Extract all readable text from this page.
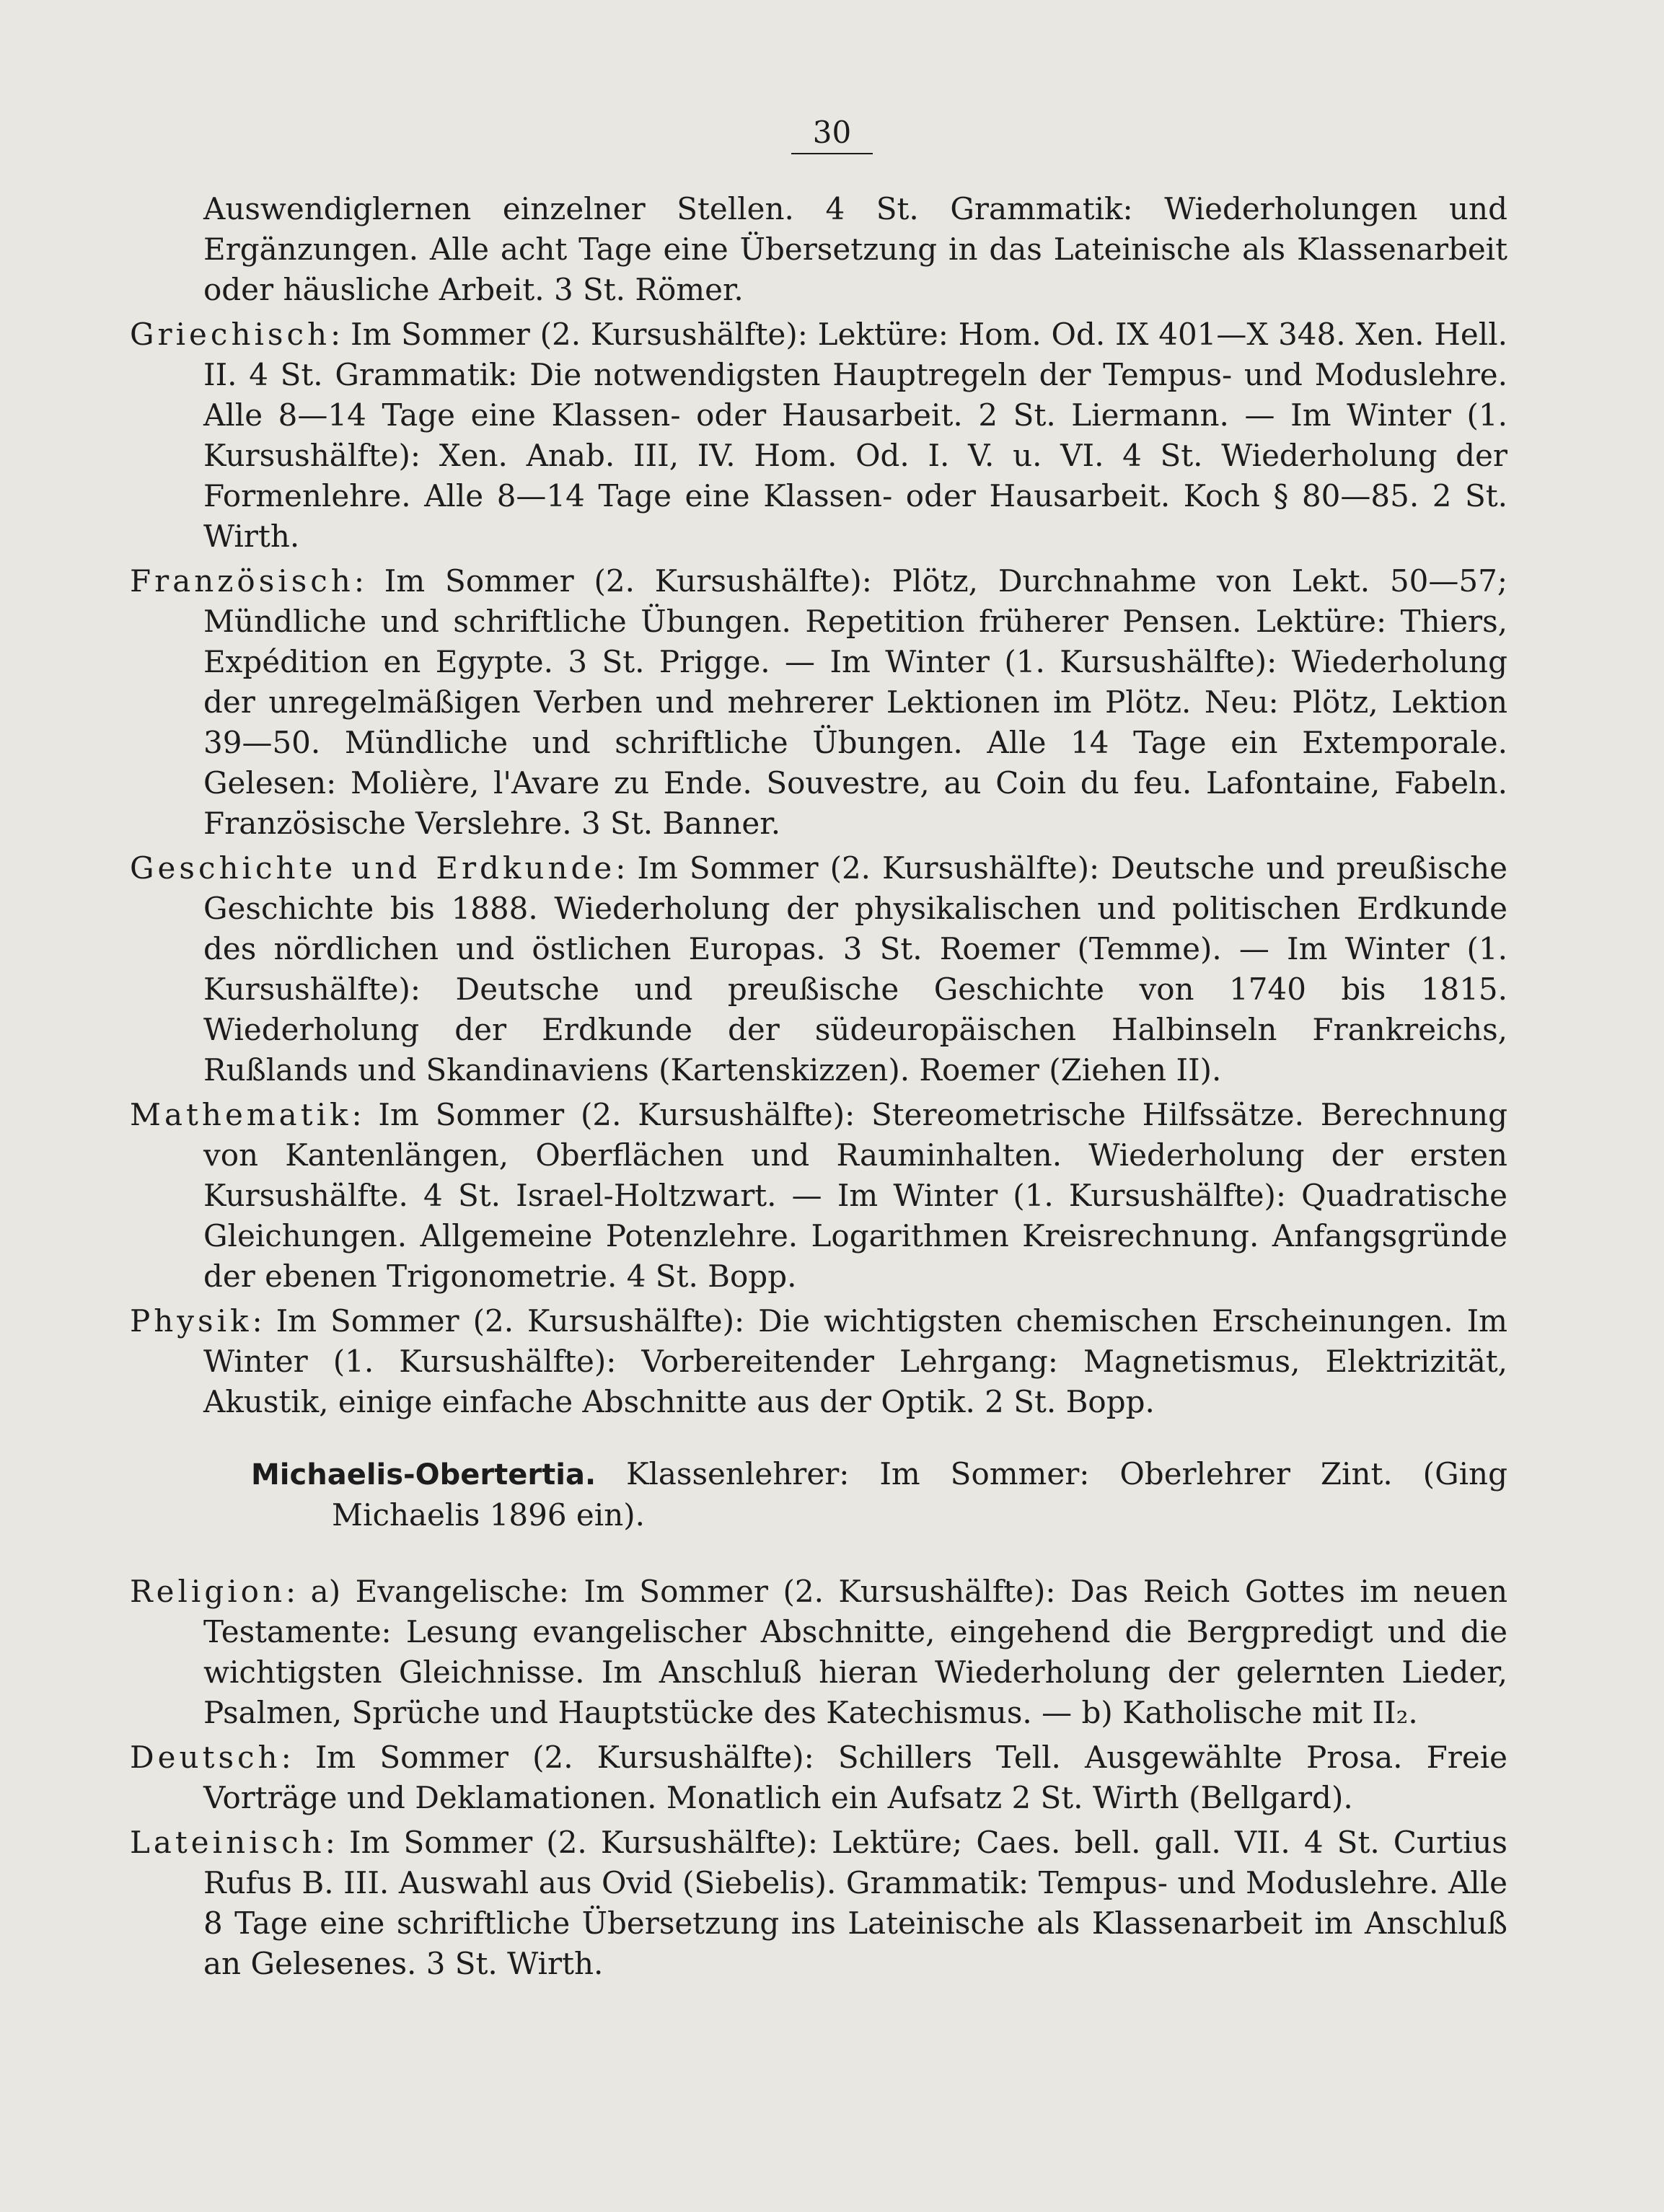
30

Auswendiglernen einzelner Stellen. 4 St. Grammatik: Wiederholungen und Ergänzungen. Alle acht Tage eine Übersetzung in das Lateinische als Klassenarbeit oder häusliche Arbeit. 3 St. Römer.

Griechisch: Im Sommer (2. Kursushälfte): Lektüre: Hom. Od. IX 401—X 348. Xen. Hell. II. 4 St. Grammatik: Die notwendigsten Hauptregeln der Tempus- und Moduslehre. Alle 8—14 Tage eine Klassen- oder Hausarbeit. 2 St. Liermann. — Im Winter (1. Kursushälfte): Xen. Anab. III, IV. Hom. Od. I. V. u. VI. 4 St. Wiederholung der Formenlehre. Alle 8—14 Tage eine Klassen- oder Hausarbeit. Koch § 80—85. 2 St. Wirth.

Französisch: Im Sommer (2. Kursushälfte): Plötz, Durchnahme von Lekt. 50—57; Mündliche und schriftliche Übungen. Repetition früherer Pensen. Lektüre: Thiers, Expédition en Egypte. 3 St. Prigge. — Im Winter (1. Kursushälfte): Wiederholung der unregelmäßigen Verben und mehrerer Lektionen im Plötz. Neu: Plötz, Lektion 39—50. Mündliche und schriftliche Übungen. Alle 14 Tage ein Extemporale. Gelesen: Molière, l'Avare zu Ende. Souvestre, au Coin du feu. Lafontaine, Fabeln. Französische Verslehre. 3 St. Banner.

Geschichte und Erdkunde: Im Sommer (2. Kursushälfte): Deutsche und preußische Geschichte bis 1888. Wiederholung der physikalischen und politischen Erdkunde des nördlichen und östlichen Europas. 3 St. Roemer (Temme). — Im Winter (1. Kursushälfte): Deutsche und preußische Geschichte von 1740 bis 1815. Wiederholung der Erdkunde der südeuropäischen Halbinseln Frankreichs, Rußlands und Skandinaviens (Kartenskizzen). Roemer (Ziehen II).

Mathematik: Im Sommer (2. Kursushälfte): Stereometrische Hilfssätze. Berechnung von Kantenlängen, Oberflächen und Rauminhalten. Wiederholung der ersten Kursushälfte. 4 St. Israel-Holtzwart. — Im Winter (1. Kursushälfte): Quadratische Gleichungen. Allgemeine Potenzlehre. Logarithmen Kreisrechnung. Anfangsgründe der ebenen Trigonometrie. 4 St. Bopp.

Physik: Im Sommer (2. Kursushälfte): Die wichtigsten chemischen Erscheinungen. Im Winter (1. Kursushälfte): Vorbereitender Lehrgang: Magnetismus, Elektrizität, Akustik, einige einfache Abschnitte aus der Optik. 2 St. Bopp.

Michaelis-Obertertia. Klassenlehrer: Im Sommer: Oberlehrer Zint. (Ging Michaelis 1896 ein).

Religion: a) Evangelische: Im Sommer (2. Kursushälfte): Das Reich Gottes im neuen Testamente: Lesung evangelischer Abschnitte, eingehend die Bergpredigt und die wichtigsten Gleichnisse. Im Anschluß hieran Wiederholung der gelernten Lieder, Psalmen, Sprüche und Hauptstücke des Katechismus. — b) Katholische mit II₂.

Deutsch: Im Sommer (2. Kursushälfte): Schillers Tell. Ausgewählte Prosa. Freie Vorträge und Deklamationen. Monatlich ein Aufsatz 2 St. Wirth (Bellgard).

Lateinisch: Im Sommer (2. Kursushälfte): Lektüre; Caes. bell. gall. VII. 4 St. Curtius Rufus B. III. Auswahl aus Ovid (Siebelis). Grammatik: Tempus- und Moduslehre. Alle 8 Tage eine schriftliche Übersetzung ins Lateinische als Klassenarbeit im Anschluß an Gelesenes. 3 St. Wirth.
